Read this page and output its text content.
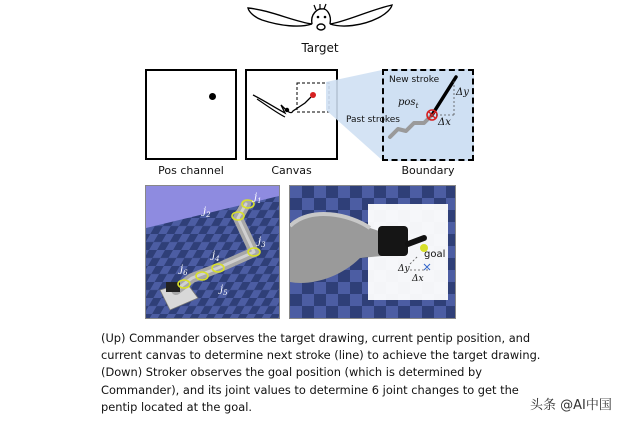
Target
Pos channel	Canvas
New stroke
Past strokes
pos$_t$
Δy
Δx
Boundary
$j_1$
$j_2$
$j_3$
$j_4$
$j_5$
$j_6$
goal
Δy
Δx

(Up) Commander observes the target drawing, current pentip position, and

current canvas to determine next stroke (line) to achieve the target drawing.

(Down) Stroker observes the goal position (which is determined by

Commander), and its joint values to determine 6 joint changes to get the

pentip located at the goal.	头条 @AI中国
